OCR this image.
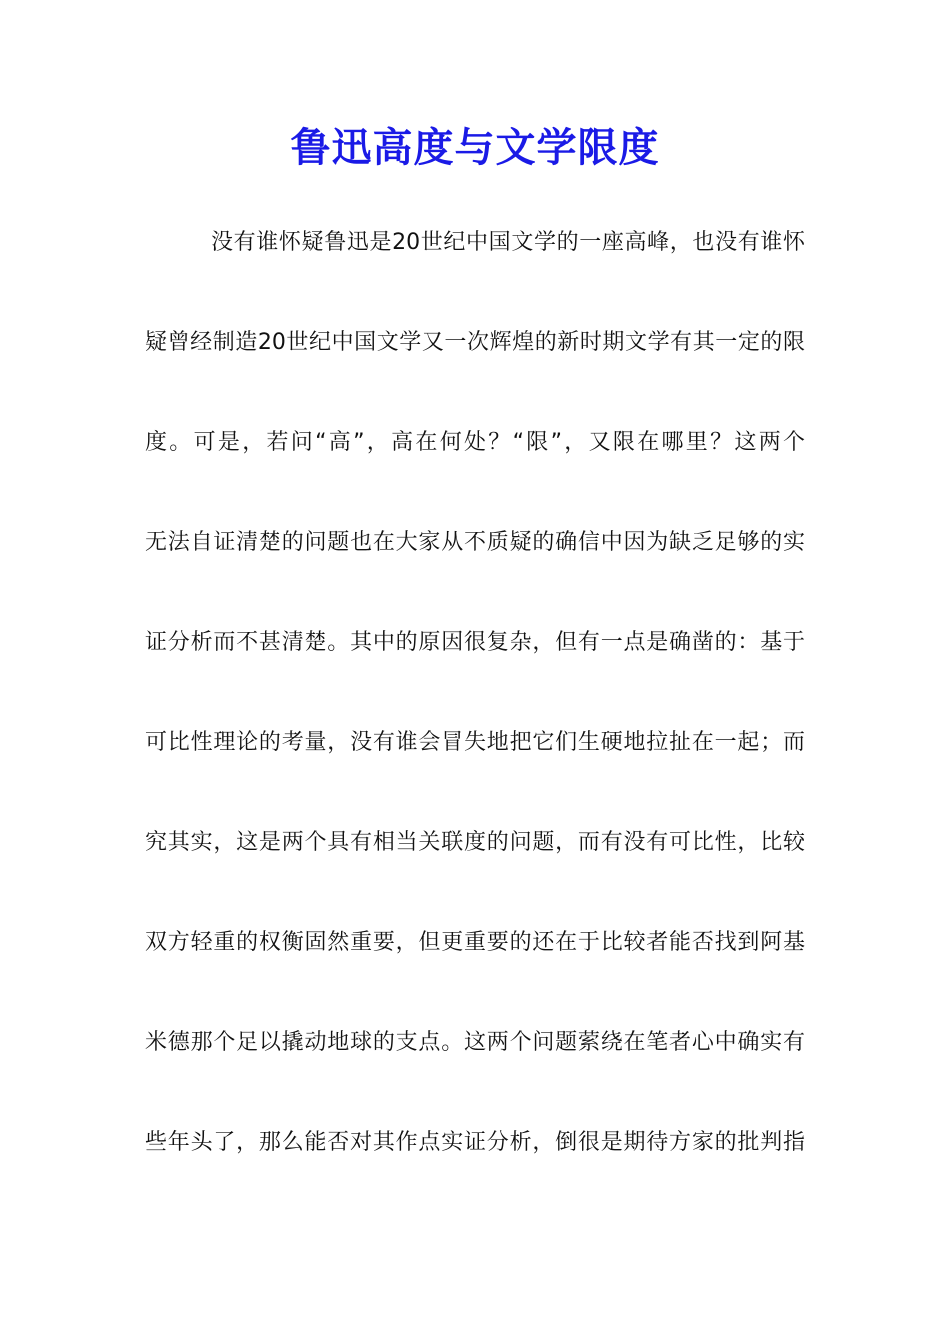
鲁迅高度与文学限度
没有谁怀疑鲁迅是20世纪中国文学的一座高峰，也没有谁怀
疑曾经制造20世纪中国文学又一次辉煌的新时期文学有其一定的限
度。可是，若问“高”，高在何处？“限”，又限在哪里？这两个
无法自证清楚的问题也在大家从不质疑的确信中因为缺乏足够的实
证分析而不甚清楚。其中的原因很复杂，但有一点是确凿的：基于
可比性理论的考量，没有谁会冒失地把它们生硬地拉扯在一起；而
究其实，这是两个具有相当关联度的问题，而有没有可比性，比较
双方轻重的权衡固然重要，但更重要的还在于比较者能否找到阿基
米德那个足以撬动地球的支点。这两个问题萦绕在笔者心中确实有
些年头了，那么能否对其作点实证分析，倒很是期待方家的批判指
